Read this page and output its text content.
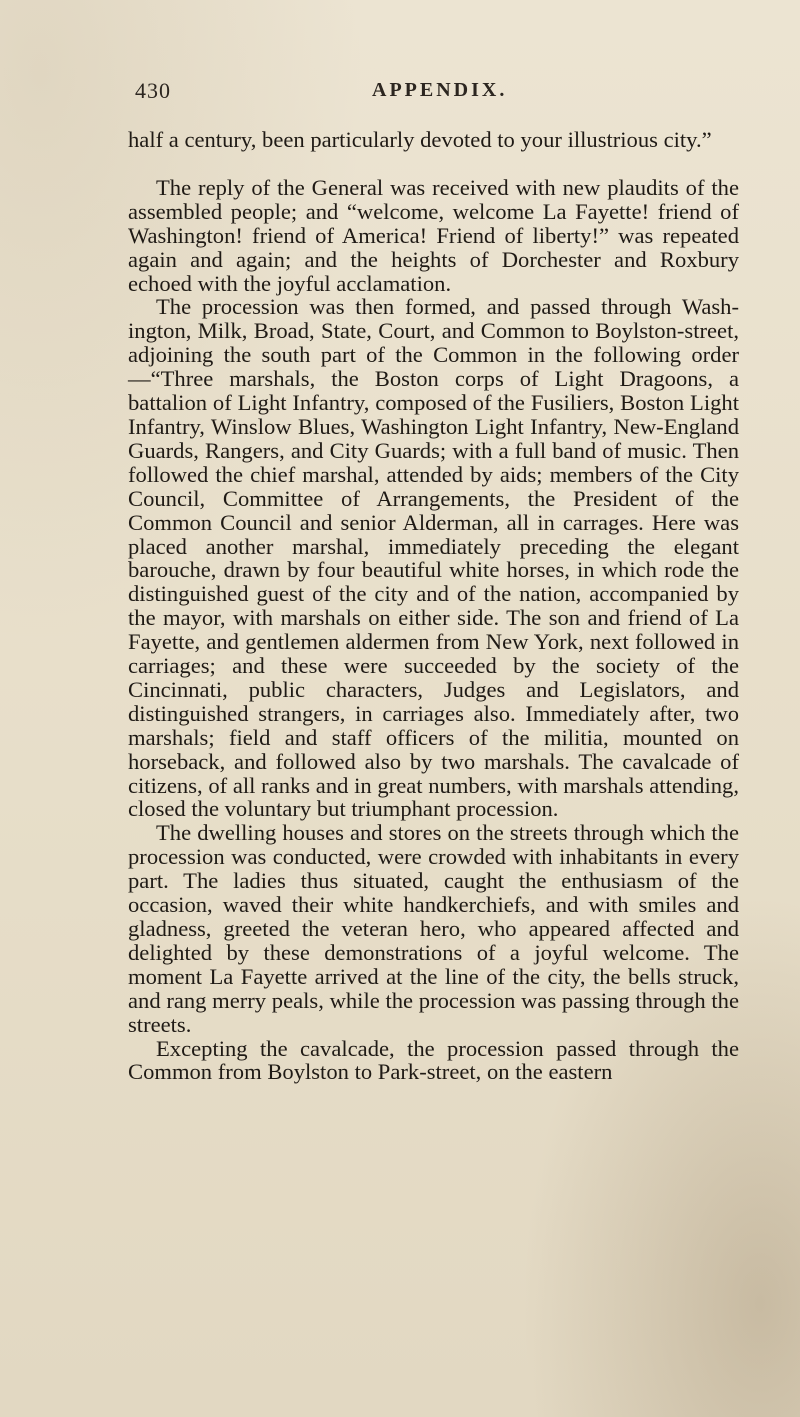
430	APPENDIX.

half a century, been particularly devoted to your illustrious city.”

The reply of the General was received with new plaudits of the assembled people; and “welcome, welcome La Fayette! friend of Washington! friend of America! Friend of liberty!” was repeated again and again; and the heights of Dorchester and Roxbury echoed with the joyful acclamation.

The procession was then formed, and passed through Washington, Milk, Broad, State, Court, and Common to Boylston-street, adjoining the south part of the Common in the following order—“Three marshals, the Boston corps of Light Dragoons, a battalion of Light Infantry, composed of the Fusiliers, Boston Light Infantry, Winslow Blues, Washington Light Infantry, New-England Guards, Rangers, and City Guards; with a full band of music. Then followed the chief marshal, attended by aids; members of the City Council, Committee of Arrangements, the President of the Common Council and senior Alderman, all in carrages. Here was placed another marshal, immediately preceding the elegant barouche, drawn by four beautiful white horses, in which rode the distinguished guest of the city and of the nation, accompanied by the mayor, with marshals on either side. The son and friend of La Fayette, and gentlemen aldermen from New York, next followed in carriages; and these were succeeded by the society of the Cincinnati, public characters, Judges and Legislators, and distinguished strangers, in carriages also. Immediately after, two marshals; field and staff officers of the militia, mounted on horseback, and followed also by two marshals. The cavalcade of citizens, of all ranks and in great numbers, with marshals attending, closed the voluntary but triumphant procession.

The dwelling houses and stores on the streets through which the procession was conducted, were crowded with inhabitants in every part. The ladies thus situated, caught the enthusiasm of the occasion, waved their white handkerchiefs, and with smiles and gladness, greeted the veteran hero, who appeared affected and delighted by these demonstrations of a joyful welcome. The moment La Fayette arrived at the line of the city, the bells struck, and rang merry peals, while the procession was passing through the streets.

Excepting the cavalcade, the procession passed through the Common from Boylston to Park-street, on the eastern
